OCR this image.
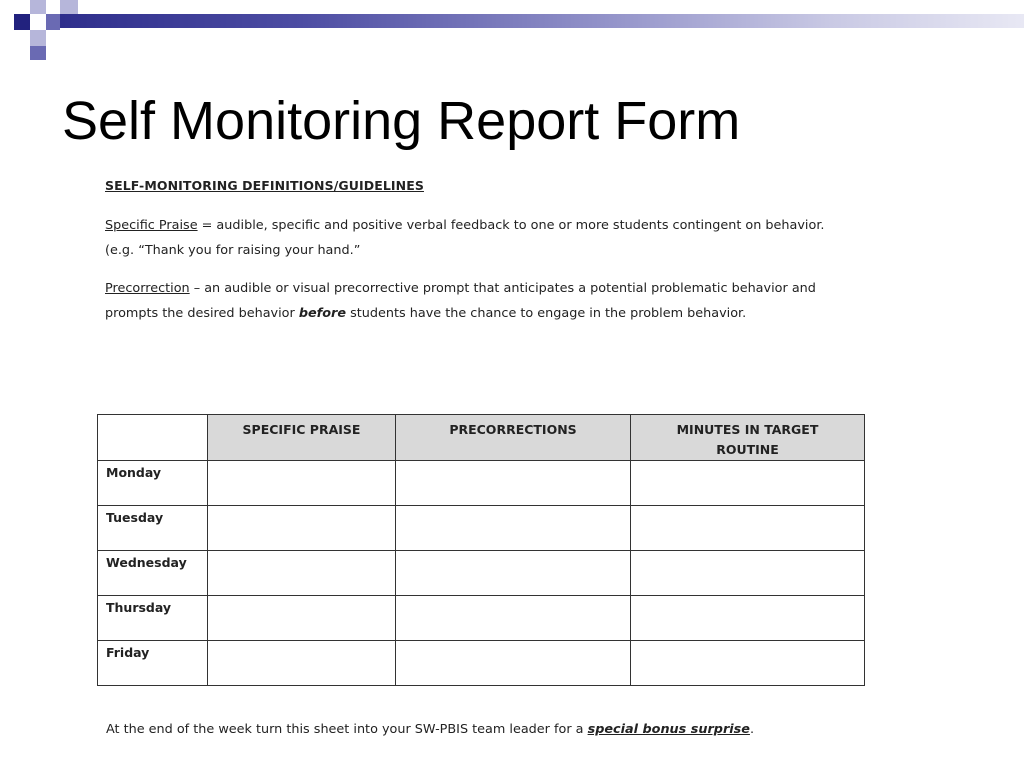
Self Monitoring Report Form

SELF-MONITORING DEFINITIONS/GUIDELINES

Specific Praise = audible, specific and positive verbal feedback to one or more students contingent on behavior. (e.g. “Thank you for raising your hand.”

Precorrection – an audible or visual precorrective prompt that anticipates a potential problematic behavior and prompts the desired behavior before students have the chance to engage in the problem behavior.

	SPECIFIC PRAISE	PRECORRECTIONS	MINUTES IN TARGET ROUTINE
Monday			
Tuesday			
Wednesday			
Thursday			
Friday			
At the end of the week turn this sheet into your SW-PBIS team leader for a special bonus surprise.
